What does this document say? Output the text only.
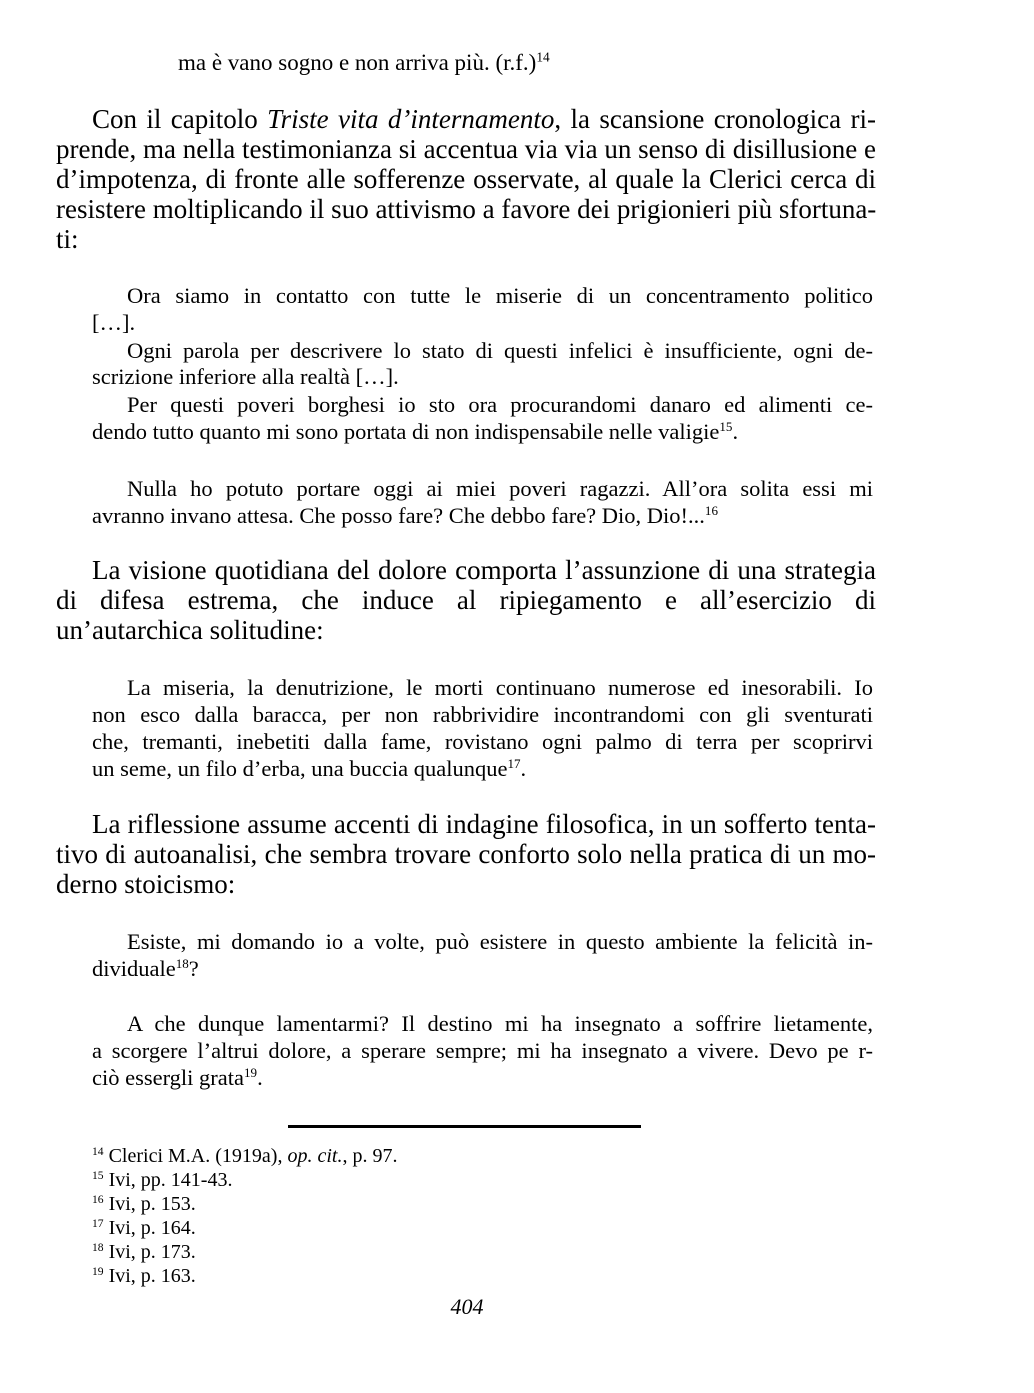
ma è vano sogno e non arriva più. $(r.f.)^{14}$
Con il capitolo Triste vita d’internamento, la scansione cronologica ri-
prende, ma nella testimonianza si accentua via via un senso di disillusione e
d’impotenza, di fronte alle sofferenze osservate, al quale la Clerici cerca di
resistere moltiplicando il suo attivismo a favore dei prigionieri più sfortuna-
ti:
Ora siamo in contatto con tutte le miserie di un concentramento politico
[…].
Ogni parola per descrivere lo stato di questi infelici è insufficiente, ogni de-
scrizione inferiore alla realtà […].
Per questi poveri borghesi io sto ora procurandomi danaro ed alimenti ce-
dendo tutto quanto mi sono portata di non indispensabile nelle valigie$^{15}$.
Nulla ho potuto portare oggi ai miei poveri ragazzi. All’ora solita essi mi
avranno invano attesa. Che posso fare? Che debbo fare? Dio, Dio!...$^{16}$
La visione quotidiana del dolore comporta l’assunzione di una strategia
di difesa estrema, che induce al ripiegamento e all’esercizio di
un’autarchica solitudine:
La miseria, la denutrizione, le morti continuano numerose ed inesorabili. Io
non esco dalla baracca, per non rabbrividire incontrandomi con gli sventurati
che, tremanti, inebetiti dalla fame, rovistano ogni palmo di terra per scoprirvi
un seme, un filo d’erba, una buccia qualunque$^{17}$.
La riflessione assume accenti di indagine filosofica, in un sofferto tenta-
tivo di autoanalisi, che sembra trovare conforto solo nella pratica di un mo-
derno stoicismo:
Esiste, mi domando io a volte, può esistere in questo ambiente la felicità in-
dividuale$^{18}$?
A che dunque lamentarmi? Il destino mi ha insegnato a soffrire lietamente,
a scorgere l’altrui dolore, a sperare sempre; mi ha insegnato a vivere. Devo pe r-
ciò essergli grata$^{19}$.
$^{14}$ Clerici M.A. (1919a), op. cit., p. 97.
$^{15}$ Ivi, pp. 141-43.
$^{16}$ Ivi, p. 153.
$^{17}$ Ivi, p. 164.
$^{18}$ Ivi, p. 173.
$^{19}$ Ivi, p. 163.
404
